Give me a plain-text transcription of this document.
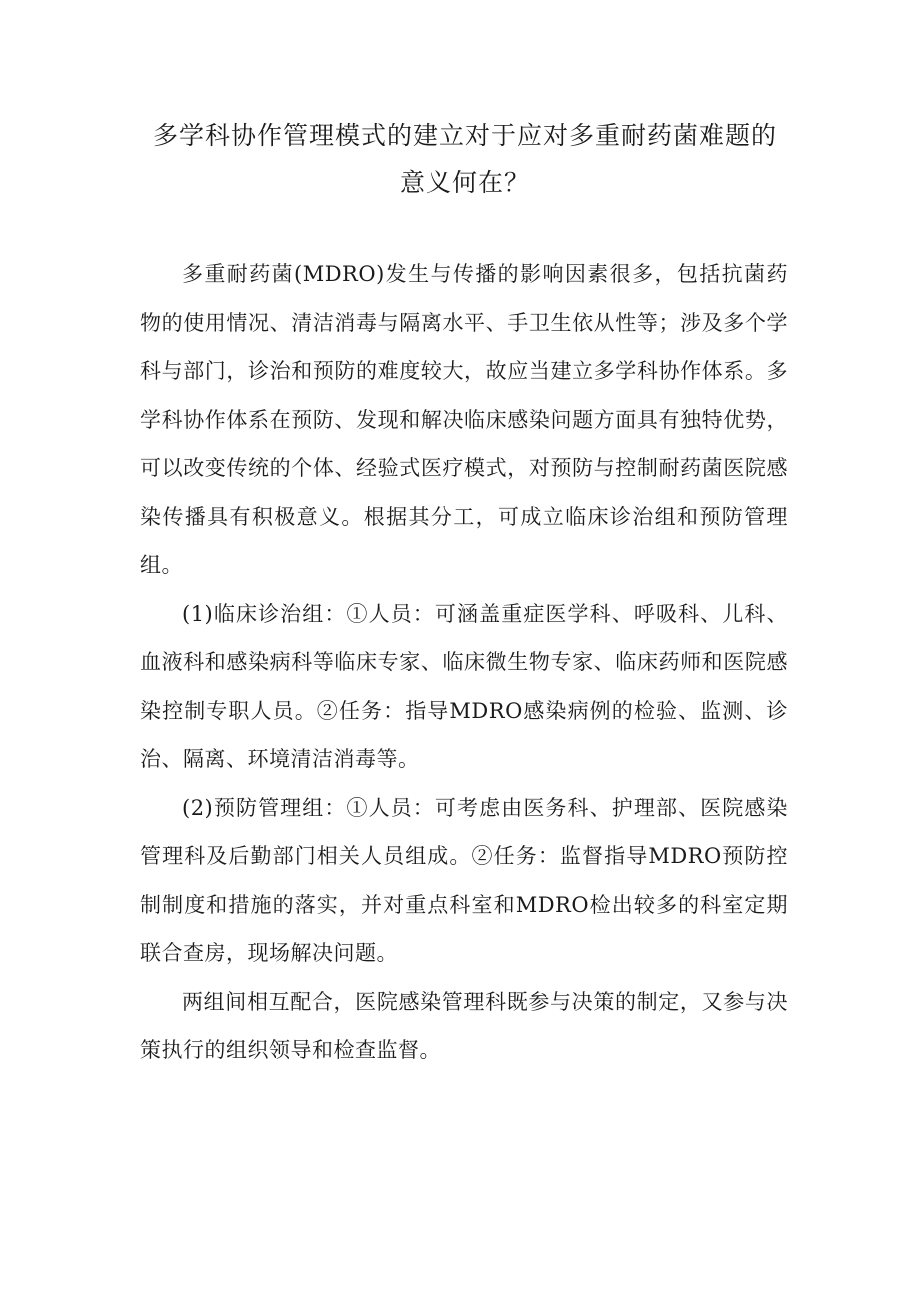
多学科协作管理模式的建立对于应对多重耐药菌难题的意义何在？

多重耐药菌(MDRO)发生与传播的影响因素很多，包括抗菌药物的使用情况、清洁消毒与隔离水平、手卫生依从性等；涉及多个学科与部门，诊治和预防的难度较大，故应当建立多学科协作体系。多学科协作体系在预防、发现和解决临床感染问题方面具有独特优势，可以改变传统的个体、经验式医疗模式，对预防与控制耐药菌医院感染传播具有积极意义。根据其分工，可成立临床诊治组和预防管理组。

(1)临床诊治组：①人员：可涵盖重症医学科、呼吸科、儿科、血液科和感染病科等临床专家、临床微生物专家、临床药师和医院感染控制专职人员。②任务：指导MDRO感染病例的检验、监测、诊治、隔离、环境清洁消毒等。

(2)预防管理组：①人员：可考虑由医务科、护理部、医院感染管理科及后勤部门相关人员组成。②任务：监督指导MDRO预防控制制度和措施的落实，并对重点科室和MDRO检出较多的科室定期联合查房，现场解决问题。

两组间相互配合，医院感染管理科既参与决策的制定，又参与决策执行的组织领导和检查监督。
